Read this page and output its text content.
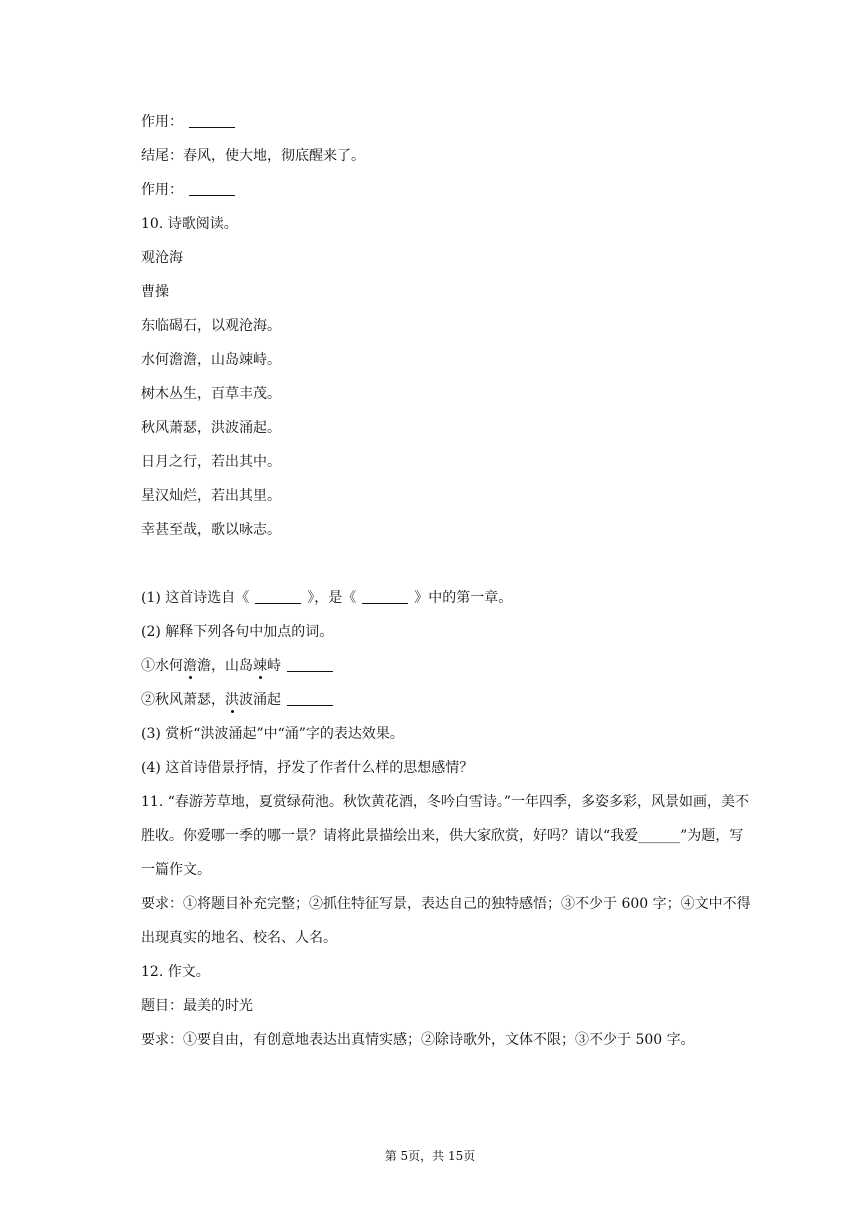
作用：
结尾：春风，使大地，彻底醒来了。
作用：
10. 诗歌阅读。
观沧海
曹操
东临碣石，以观沧海。
水何澹澹，山岛竦峙。
树木丛生，百草丰茂。
秋风萧瑟，洪波涌起。
日月之行，若出其中。
星汉灿烂，若出其里。
幸甚至哉，歌以咏志。
(1) 这首诗选自《	》，是《	》中的第一章。
(2) 解释下列各句中加点的词。
①水何澹澹，山岛竦峙
②秋风萧瑟，洪波涌起
(3) 赏析“洪波涌起”中“涌”字的表达效果。
(4) 这首诗借景抒情，抒发了作者什么样的思想感情？
11. “春游芳草地，夏赏绿荷池。秋饮黄花酒，冬吟白雪诗。”一年四季，多姿多彩，风景如画，美不胜收。你爱哪一季的哪一景？请将此景描绘出来，供大家欣赏，好吗？请以“我爱______”为题，写一篇作文。
要求：①将题目补充完整；②抓住特征写景，表达自己的独特感悟；③不少于 600 字；④文中不得出现真实的地名、校名、人名。
12. 作文。
题目：最美的时光
要求：①要自由，有创意地表达出真情实感；②除诗歌外，文体不限；③不少于 500 字。
第 5页，共 15页
